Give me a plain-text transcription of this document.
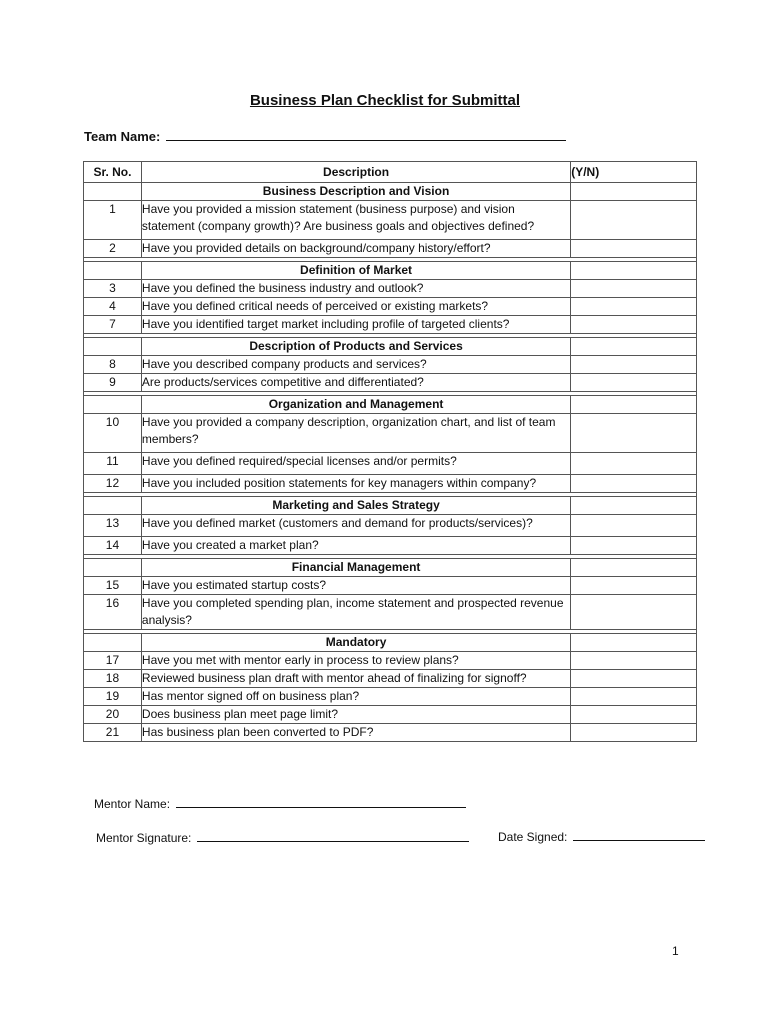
Business Plan Checklist for Submittal
Team Name:
Sr. No.	Description	(Y/N)
	Business Description and Vision	
1	Have you provided a mission statement (business purpose) and vision statement (company growth)? Are business goals and objectives defined?	
2	Have you provided details on background/company history/effort?	

	Definition of Market	
3	Have you defined the business industry and outlook?	
4	Have you defined critical needs of perceived or existing markets?	
7	Have you identified target market including profile of targeted clients?	

	Description of Products and Services	
8	Have you described company products and services?	
9	Are products/services competitive and differentiated?	

	Organization and Management	
10	Have you provided a company description, organization chart, and list of team members?	
11	Have you defined required/special licenses and/or permits?	
12	Have you included position statements for key managers within company?	

	Marketing and Sales Strategy	
13	Have you defined market (customers and demand for products/services)?	
14	Have you created a market plan?	

	Financial Management	
15	Have you estimated startup costs?	
16	Have you completed spending plan, income statement and prospected revenue analysis?	

	Mandatory	
17	Have you met with mentor early in process to review plans?	
18	Reviewed business plan draft with mentor ahead of finalizing for signoff?	
19	Has mentor signed off on business plan?	
20	Does business plan meet page limit?	
21	Has business plan been converted to PDF?	
Mentor Name:
Mentor Signature:	Date Signed:
1
